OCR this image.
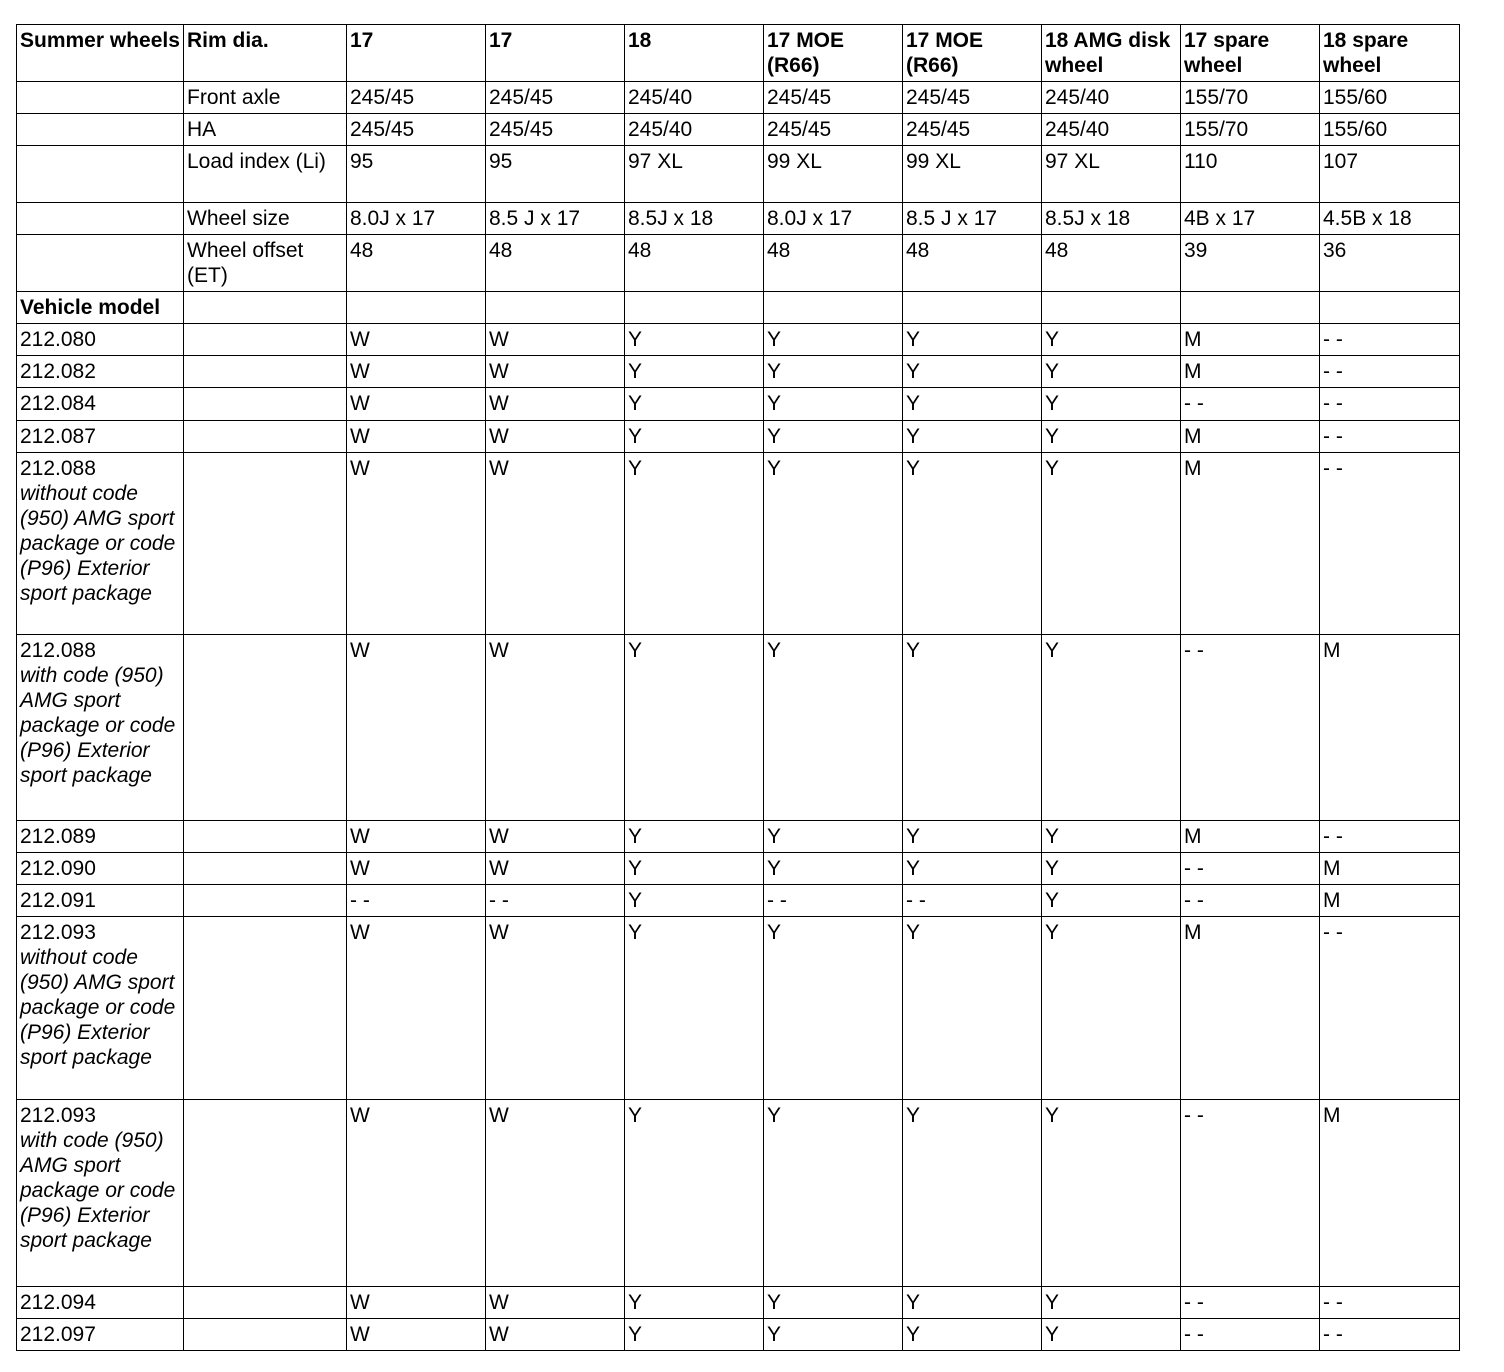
Summer wheels	Rim dia.	17	17	18	17 MOE (R66)	17 MOE (R66)	18 AMG disk wheel	17 spare wheel	18 spare wheel
	Front axle	245/45	245/45	245/40	245/45	245/45	245/40	155/70	155/60
	HA	245/45	245/45	245/40	245/45	245/45	245/40	155/70	155/60
	Load index (Li)	95	95	97 XL	99 XL	99 XL	97 XL	110	107
	Wheel size	8.0J x 17	8.5 J x 17	8.5J x 18	8.0J x 17	8.5 J x 17	8.5J x 18	4B x 17	4.5B x 18
	Wheel offset (ET)	48	48	48	48	48	48	39	36
Vehicle model									

212.080		W	W	Y	Y	Y	Y	M	- -

212.082		W	W	Y	Y	Y	Y	M	- -

212.084		W	W	Y	Y	Y	Y	- -	- -

212.087		W	W	Y	Y	Y	Y	M	- -

212.088
without code (950) AMG sport package or code (P96) Exterior sport package		W	W	Y	Y	Y	Y	M	- -

212.088
with code (950) AMG sport package or code (P96) Exterior sport package		W	W	Y	Y	Y	Y	- -	M

212.089		W	W	Y	Y	Y	Y	M	- -

212.090		W	W	Y	Y	Y	Y	- -	M

212.091		- -	- -	Y	- -	- -	Y	- -	M

212.093
without code (950) AMG sport package or code (P96) Exterior sport package		W	W	Y	Y	Y	Y	M	- -

212.093
with code (950) AMG sport package or code (P96) Exterior sport package		W	W	Y	Y	Y	Y	- -	M

212.094		W	W	Y	Y	Y	Y	- -	- -

212.097		W	W	Y	Y	Y	Y	- -	- -
